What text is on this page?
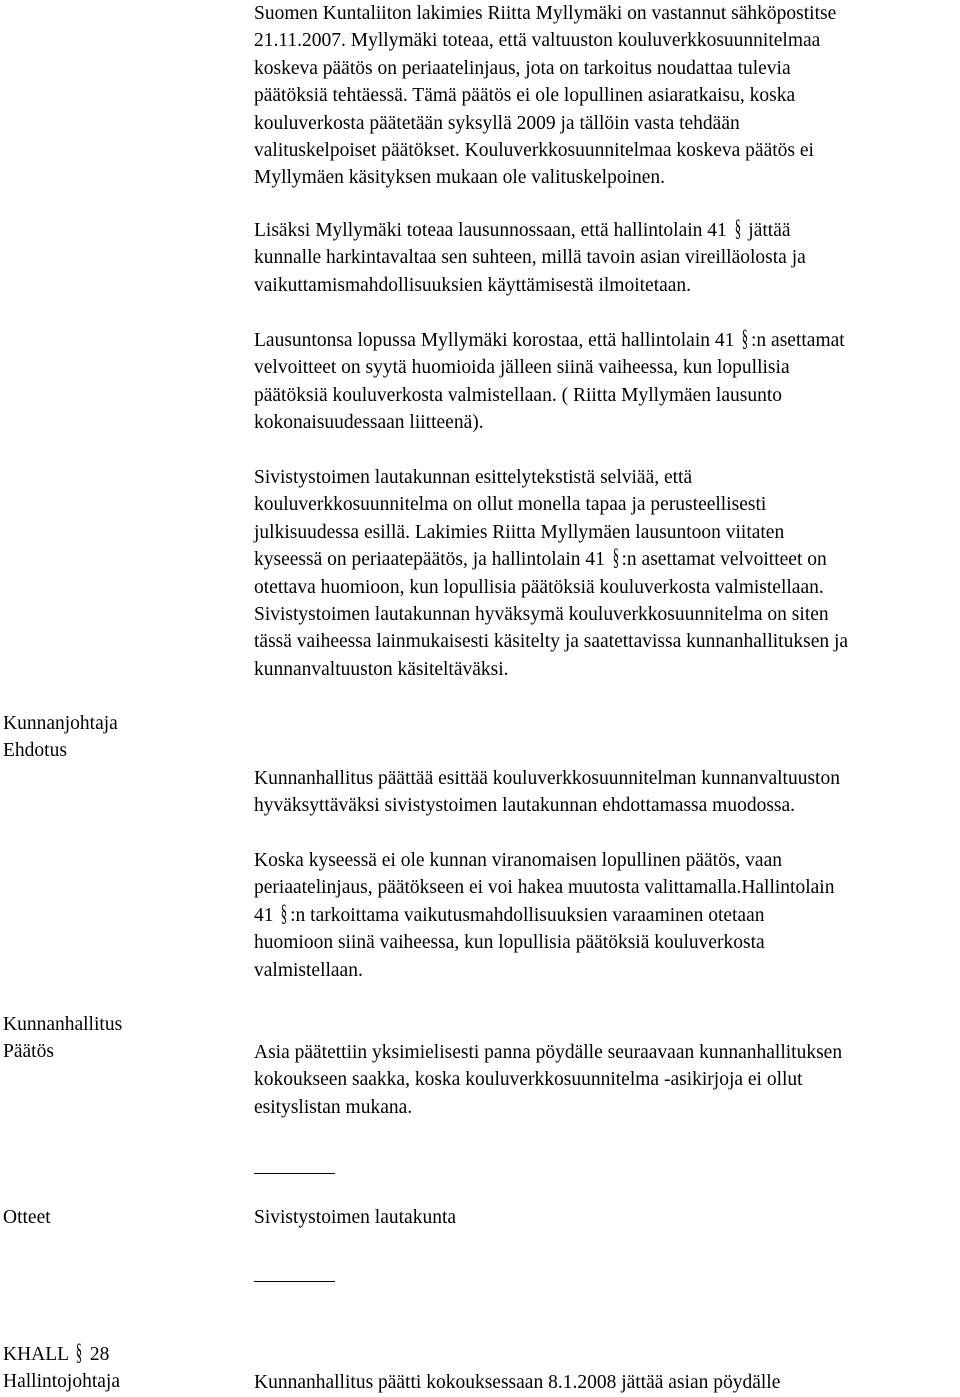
Suomen Kuntaliiton lakimies Riitta Myllymäki on vastannut sähköpostitse
21.11.2007. Myllymäki toteaa, että valtuuston kouluverkkosuunnitelmaa
koskeva päätös on periaatelinjaus, jota on tarkoitus noudattaa tulevia
päätöksiä tehtäessä. Tämä päätös ei ole lopullinen asiaratkaisu, koska
kouluverkosta päätetään syksyllä 2009 ja tällöin vasta tehdään
valituskelpoiset päätökset. Kouluverkkosuunnitelmaa koskeva päätös ei
Myllymäen käsityksen mukaan ole valituskelpoinen.
Lisäksi Myllymäki toteaa lausunnossaan, että hallintolain 41 § jättää
kunnalle harkintavaltaa sen suhteen, millä tavoin asian vireilläolosta ja
vaikuttamismahdollisuuksien käyttämisestä ilmoitetaan.
Lausuntonsa lopussa Myllymäki korostaa, että hallintolain 41 § :n asettamat
velvoitteet on syytä huomioida jälleen siinä vaiheessa, kun lopullisia
päätöksiä kouluverkosta valmistellaan. ( Riitta Myllymäen lausunto
kokonaisuudessaan liitteenä).
Sivistystoimen lautakunnan esittelytekstistä selviää, että
kouluverkkosuunnitelma on ollut monella tapaa ja perusteellisesti
julkisuudessa esillä. Lakimies Riitta Myllymäen lausuntoon viitaten
kyseessä on periaatepäätös, ja hallintolain 41 § :n asettamat velvoitteet on
otettava huomioon, kun lopullisia päätöksiä kouluverkosta valmistellaan.
Sivistystoimen lautakunnan hyväksymä kouluverkkosuunnitelma on siten
tässä vaiheessa lainmukaisesti käsitelty ja saatettavissa kunnanhallituksen ja
kunnanvaltuuston käsiteltäväksi.
Kunnanjohtaja
Ehdotus
Kunnanhallitus päättää esittää kouluverkkosuunnitelman kunnanvaltuuston
hyväksyttäväksi sivistystoimen lautakunnan ehdottamassa muodossa.
Koska kyseessä ei ole kunnan viranomaisen lopullinen päätös, vaan
periaatelinjaus, päätökseen ei voi hakea muutosta valittamalla.Hallintolain
41 § :n tarkoittama vaikutusmahdollisuuksien varaaminen otetaan
huomioon siinä vaiheessa, kun lopullisia päätöksiä kouluverkosta
valmistellaan.
Kunnanhallitus
Päätös	Asia päätettiin yksimielisesti panna pöydälle seuraavaan kunnanhallituksen
kokoukseen saakka, koska kouluverkkosuunnitelma -asikirjoja ei ollut
esityslistan mukana.
Otteet	Sivistystoimen lautakunta
KHALL § 28
Hallintojohtaja	Kunnanhallitus päätti kokouksessaan 8.1.2008 jättää asian pöydälle
